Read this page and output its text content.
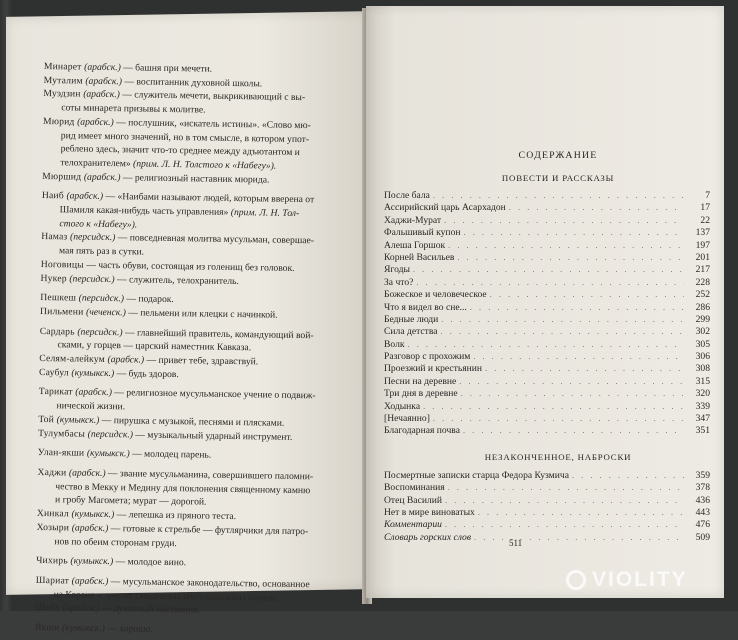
Минарет (арабск.) — башня при мечети.
Муталим (арабск.) — воспитанник духовной школы.
Муэдзин (арабск.) — служитель мечети, выкрикивающий с вы-
соты минарета призывы к молитве.
Мюрид (арабск.) — послушник, «искатель истины». «Слово мю-
рид имеет много значений, но в том смысле, в котором упот-
реблено здесь, значит что-то среднее между адъютантом и
телохранителем» (прим. Л. Н. Толстого к «Набегу»).
Мюршид (арабск.) — религиозный наставник мюрида.
Наиб (арабск.) — «Наибами называют людей, которым вверена от
Шамиля какая-нибудь часть управления» (прим. Л. Н. Тол-
стого к «Набегу»).
Намаз (персидск.) — повседневная молитва мусульман, совершае-
мая пять раз в сутки.
Ноговицы — часть обуви, состоящая из голенищ без головок.
Нукер (персидск.) — служитель, телохранитель.
Пешкеш (персидск.) — подарок.
Пильмени (чеченск.) — пельмени или клецки с начинкой.
Сардарь (персидск.) — главнейший правитель, командующий вой-
сками, у горцев — царский наместник Кавказа.
Селям-алейкум (арабск.) — привет тебе, здравствуй.
Саубул (кумыкск.) — будь здоров.
Тарикат (арабск.) — религиозное мусульманское учение о подвиж-
нической жизни.
Той (кумыкск.) — пирушка с музыкой, песнями и плясками.
Тулумбасы (персидск.) — музыкальный ударный инструмент.
Улан-якши (кумыкск.) — молодец парень.
Хаджи (арабск.) — звание мусульманина, совершившего паломни-
чество в Мекку и Медину для поклонения священному камню
и гробу Магомета; мурат — дорогой.
Хинкал (кумыкск.) — лепешка из пряного теста.
Хозыри (арабск.) — готовые к стрельбе — футлярчики для патро-
нов по обеим сторонам груди.
Чихирь (кумыкск.) — молодое вино.
Шариат (арабск.) — мусульманское законодательство, основанное
на Коране и других священных мусульманских книгах.
Шейх (арабск.) — духовный наставник.
Якши (кумыкск.) — хорошо.
СОДЕРЖАНИЕ
ПОВЕСТИ И РАССКАЗЫ
После бала . . .	7
Ассирийский царь Асархадон . . .	17
Хаджи-Мурат . . .	22
Фальшивый купон . . .	137
Алеша Горшок . . .	197
Корней Васильев . . .	201
Ягоды . . .	217
За что? . . .	228
Божеское и человеческое . . .	252
Что я видел во сне... . . .	286
Бедные люди . . .	299
Сила детства . . .	302
Волк . . .	305
Разговор с прохожим . . .	306
Проезжий и крестьянин . . .	308
Песни на деревне . . .	315
Три дня в деревне . . .	320
Ходынка . . .	339
[Нечаянно] . . .	347
Благодарная почва . . .	351
НЕЗАКОНЧЕННОЕ, НАБРОСКИ
Посмертные записки старца Федора Кузмича . . .	359
Воспоминания . . .	378
Отец Василий . . .	436
Нет в мире виноватых . . .	443
Комментарии . . .	476
Словарь горских слов . . .	509
511
VIOLITY
